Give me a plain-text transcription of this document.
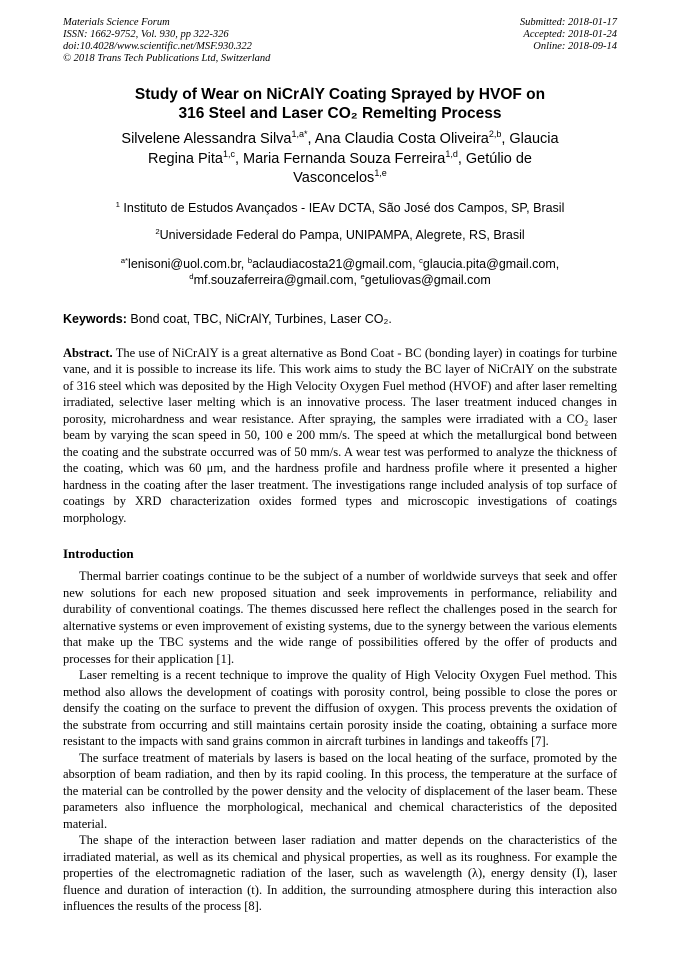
Materials Science Forum
ISSN: 1662-9752, Vol. 930, pp 322-326
doi:10.4028/www.scientific.net/MSF.930.322
© 2018 Trans Tech Publications Ltd, Switzerland
Submitted: 2018-01-17
Accepted: 2018-01-24
Online: 2018-09-14
Study of Wear on NiCrAlY Coating Sprayed by HVOF on 316 Steel and Laser CO₂ Remelting Process

Silvelene Alessandra Silva$^{1,a*}$, Ana Claudia Costa Oliveira$^{2,b}$, Glaucia Regina Pita$^{1,c}$, Maria Fernanda Souza Ferreira$^{1,d}$, Getúlio de Vasconcelos$^{1,e}$

$^1$ Instituto de Estudos Avançados - IEAv DCTA, São José dos Campos, SP, Brasil

$^2$Universidade Federal do Pampa, UNIPAMPA, Alegrete, RS, Brasil

$^{a*}$lenisoni@uol.com.br, $^b$aclaudiacosta21@gmail.com, $^c$glaucia.pita@gmail.com, $^d$mf.souzaferreira@gmail.com, $^e$getuliovas@gmail.com

Keywords: Bond coat, TBC, NiCrAlY, Turbines, Laser CO₂.

Abstract. The use of NiCrAlY is a great alternative as Bond Coat - BC (bonding layer) in coatings for turbine vane, and it is possible to increase its life. This work aims to study the BC layer of NiCrAlY on the substrate of 316 steel which was deposited by the High Velocity Oxygen Fuel method (HVOF) and after laser remelting irradiated, selective laser melting which is an innovative process. The laser treatment induced changes in porosity, microhardness and wear resistance. After spraying, the samples were irradiated with a CO₂ laser beam by varying the scan speed in 50, 100 e 200 mm/s. The speed at which the metallurgical bond between the coating and the substrate occurred was of 50 mm/s. A wear test was performed to analyze the thickness of the coating, which was 60 μm, and the hardness profile and hardness profile where it presented a higher hardness in the coating after the laser treatment. The investigations range included analysis of top surface of coatings by XRD characterization oxides formed types and microscopic investigations of coatings morphology.

Introduction

Thermal barrier coatings continue to be the subject of a number of worldwide surveys that seek and offer new solutions for each new proposed situation and seek improvements in performance, reliability and durability of conventional coatings. The themes discussed here reflect the challenges posed in the search for alternative systems or even improvement of existing systems, due to the synergy between the various elements that make up the TBC systems and the wide range of possibilities offered by the offer of products and processes for their application [1].

Laser remelting is a recent technique to improve the quality of High Velocity Oxygen Fuel method. This method also allows the development of coatings with porosity control, being possible to close the pores or densify the coating on the surface to prevent the diffusion of oxygen. This process prevents the oxidation of the substrate from occurring and still maintains certain porosity inside the coating, obtaining a surface more resistant to the impacts with sand grains common in aircraft turbines in landings and takeoffs [7].

The surface treatment of materials by lasers is based on the local heating of the surface, promoted by the absorption of beam radiation, and then by its rapid cooling. In this process, the temperature at the surface of the material can be controlled by the power density and the velocity of displacement of the laser beam. These parameters also influence the morphological, mechanical and chemical characteristics of the deposited material.

The shape of the interaction between laser radiation and matter depends on the characteristics of the irradiated material, as well as its chemical and physical properties, as well as its roughness. For example the properties of the electromagnetic radiation of the laser, such as wavelength (λ), energy density (I), laser fluence and duration of interaction (t). In addition, the surrounding atmosphere during this interaction also influences the results of the process [8].
